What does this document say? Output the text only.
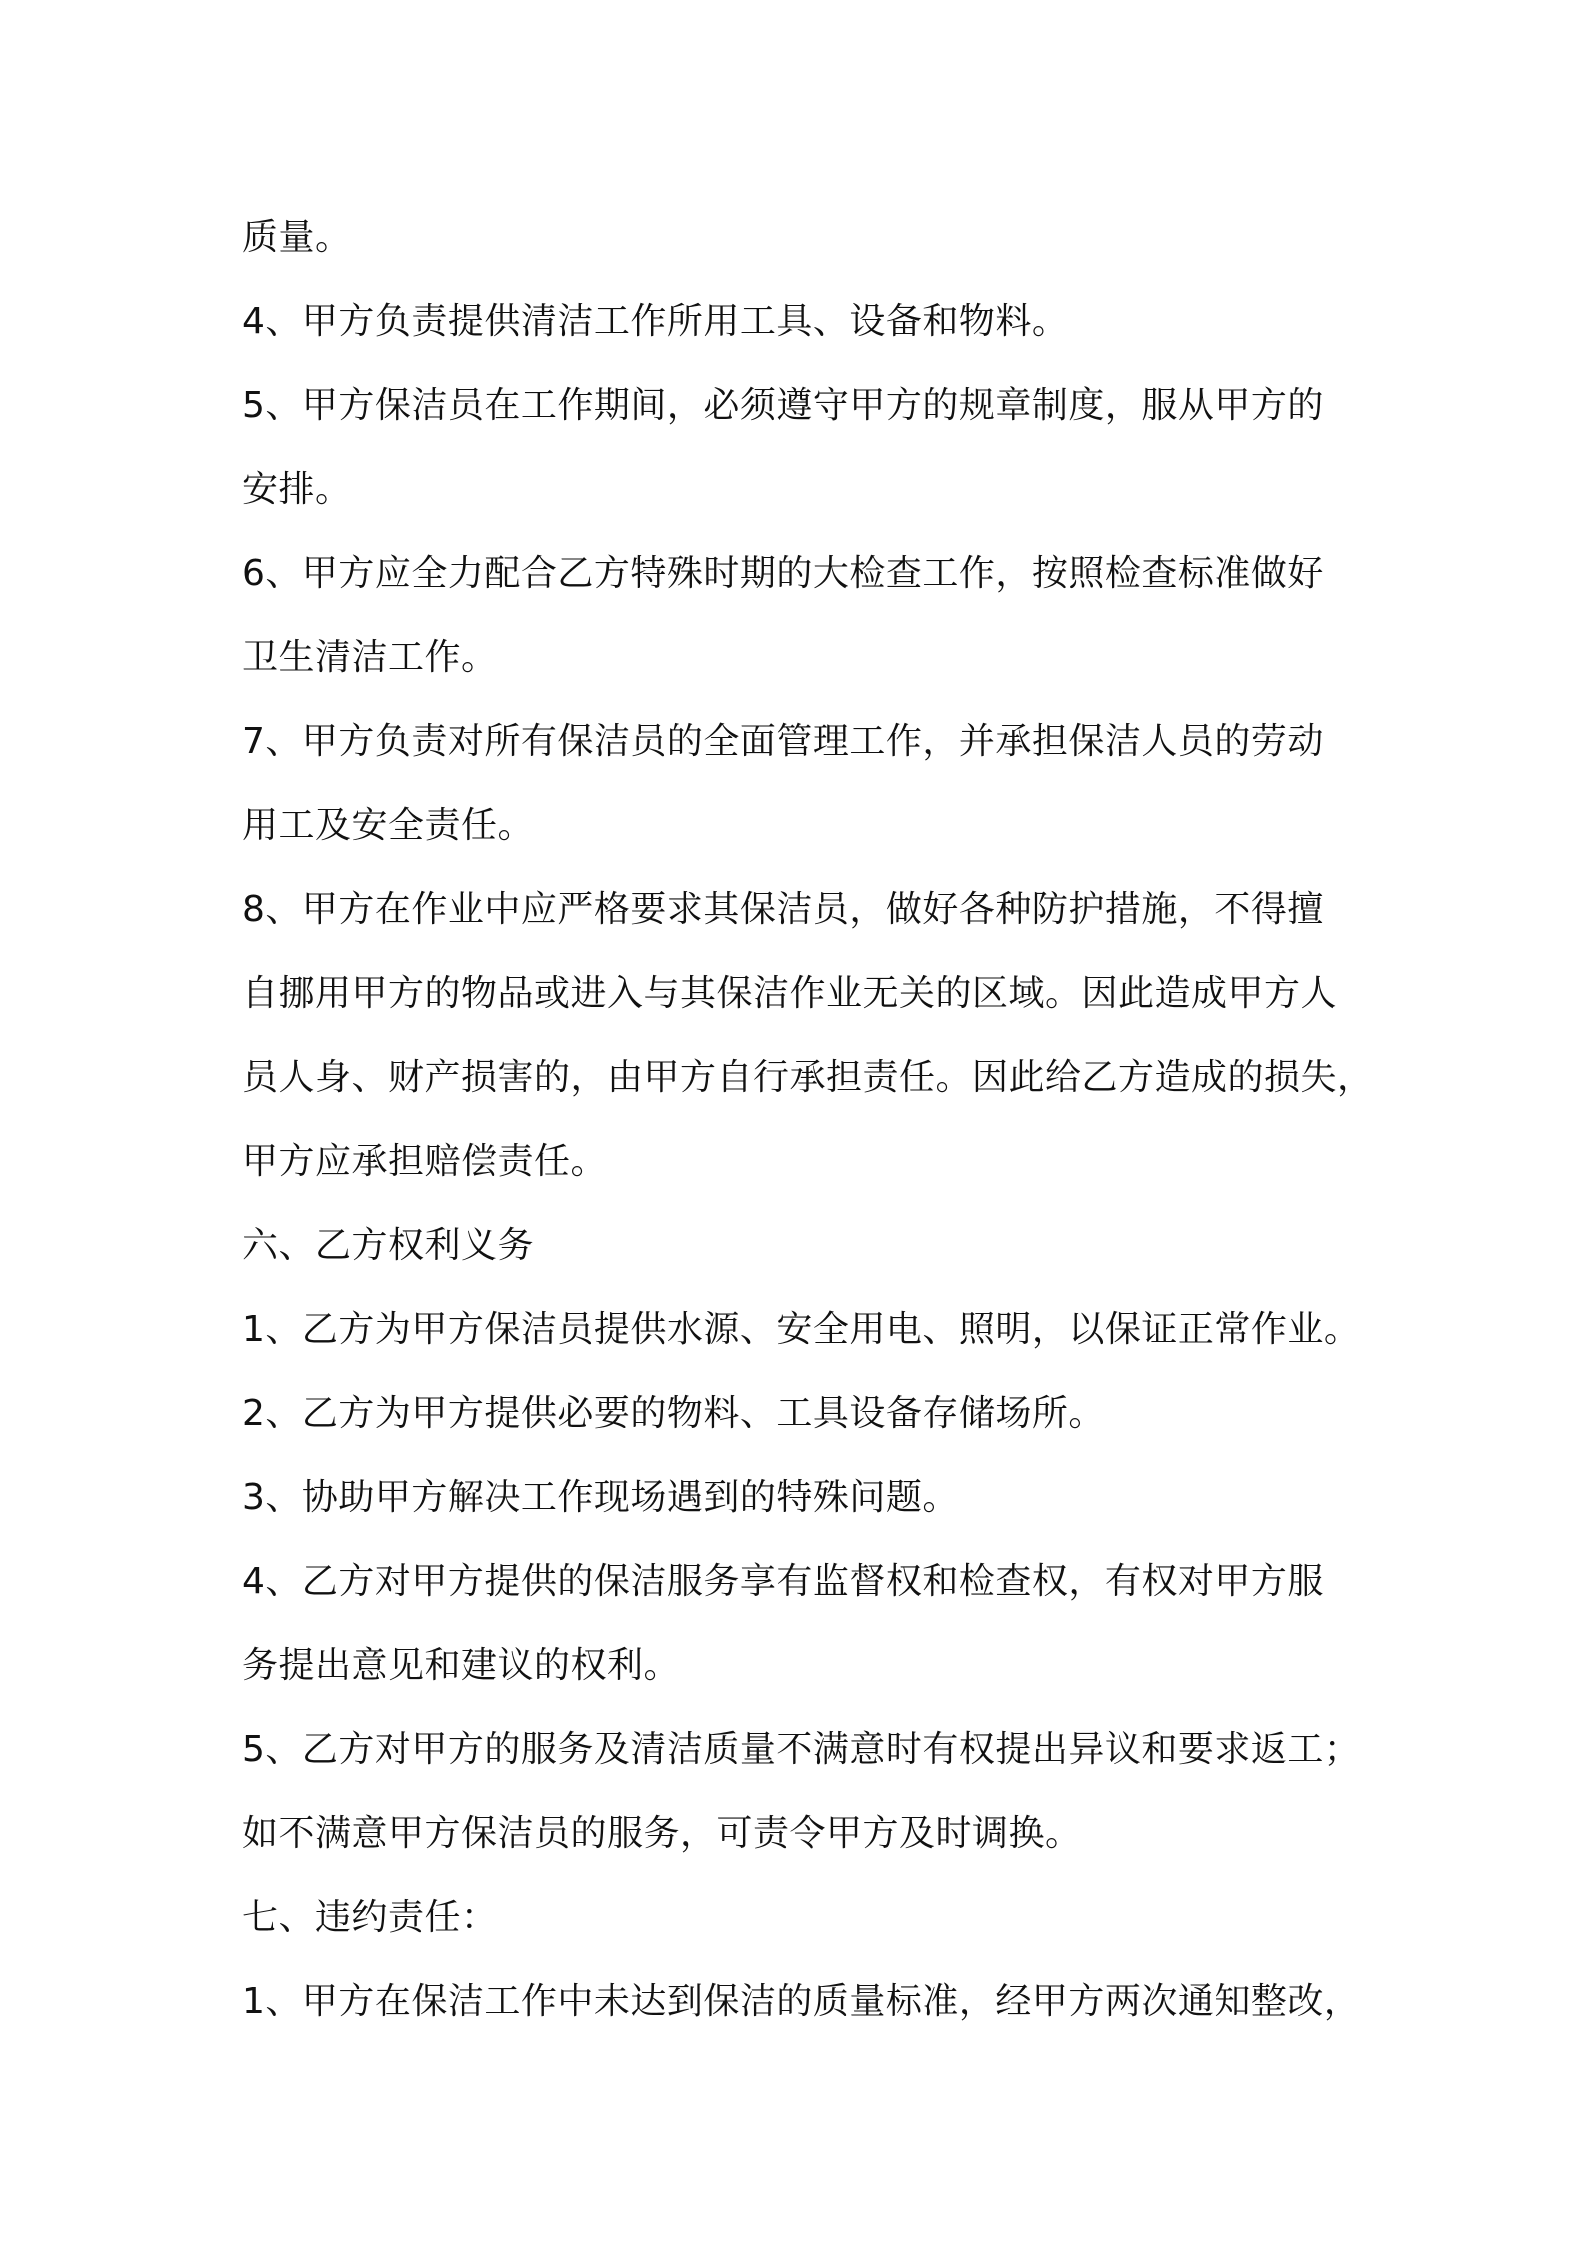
质量。

4、甲方负责提供清洁工作所用工具、设备和物料。

5、甲方保洁员在工作期间，必须遵守甲方的规章制度，服从甲方的

安排。

6、甲方应全力配合乙方特殊时期的大检查工作，按照检查标准做好

卫生清洁工作。

7、甲方负责对所有保洁员的全面管理工作，并承担保洁人员的劳动

用工及安全责任。

8、甲方在作业中应严格要求其保洁员，做好各种防护措施，不得擅

自挪用甲方的物品或进入与其保洁作业无关的区域。因此造成甲方人

员人身、财产损害的，由甲方自行承担责任。因此给乙方造成的损失，

甲方应承担赔偿责任。

六、乙方权利义务

1、乙方为甲方保洁员提供水源、安全用电、照明，以保证正常作业。

2、乙方为甲方提供必要的物料、工具设备存储场所。

3、协助甲方解决工作现场遇到的特殊问题。

4、乙方对甲方提供的保洁服务享有监督权和检查权，有权对甲方服

务提出意见和建议的权利。

5、乙方对甲方的服务及清洁质量不满意时有权提出异议和要求返工；

如不满意甲方保洁员的服务，可责令甲方及时调换。

七、违约责任：

1、甲方在保洁工作中未达到保洁的质量标准，经甲方两次通知整改，
